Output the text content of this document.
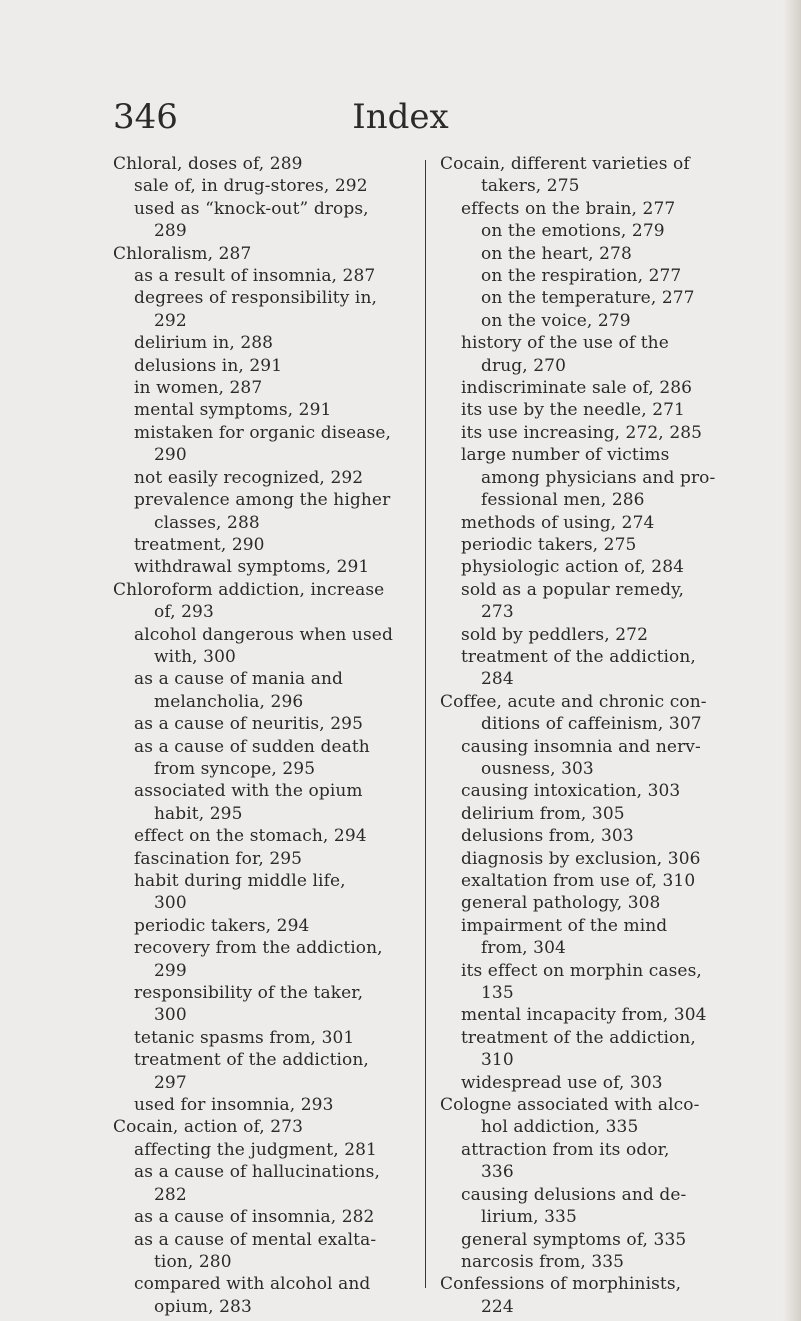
Index
346
Chloral, doses of, 289
sale of, in drug-stores, 292
used as “knock-out” drops,
289
Chloralism, 287
as a result of insomnia, 287
degrees of responsibility in,
292
delirium in, 288
delusions in, 291
in women, 287
mental symptoms, 291
mistaken for organic disease,
290
not easily recognized, 292
prevalence among the higher
classes, 288
treatment, 290
withdrawal symptoms, 291
Chloroform addiction, increase
of, 293
alcohol dangerous when used
with, 300
as a cause of mania and
melancholia, 296
as a cause of neuritis, 295
as a cause of sudden death
from syncope, 295
associated with the opium
habit, 295
effect on the stomach, 294
fascination for, 295
habit during middle life,
300
periodic takers, 294
recovery from the addiction,
299
responsibility of the taker,
300
tetanic spasms from, 301
treatment of the addiction,
297
used for insomnia, 293
Cocain, action of, 273
affecting the judgment, 281
as a cause of hallucinations,
282
as a cause of insomnia, 282
as a cause of mental exalta-
tion, 280
compared with alcohol and
opium, 283
Cocain, different varieties of
takers, 275
effects on the brain, 277
on the emotions, 279
on the heart, 278
on the respiration, 277
on the temperature, 277
on the voice, 279
history of the use of the
drug, 270
indiscriminate sale of, 286
its use by the needle, 271
its use increasing, 272, 285
large number of victims
among physicians and pro-
fessional men, 286
methods of using, 274
periodic takers, 275
physiologic action of, 284
sold as a popular remedy,
273
sold by peddlers, 272
treatment of the addiction,
284
Coffee, acute and chronic con-
ditions of caffeinism, 307
causing insomnia and nerv-
ousness, 303
causing intoxication, 303
delirium from, 305
delusions from, 303
diagnosis by exclusion, 306
exaltation from use of, 310
general pathology, 308
impairment of the mind
from, 304
its effect on morphin cases,
135
mental incapacity from, 304
treatment of the addiction,
310
widespread use of, 303
Cologne associated with alco-
hol addiction, 335
attraction from its odor,
336
causing delusions and de-
lirium, 335
general symptoms of, 335
narcosis from, 335
Confessions of morphinists,
224
